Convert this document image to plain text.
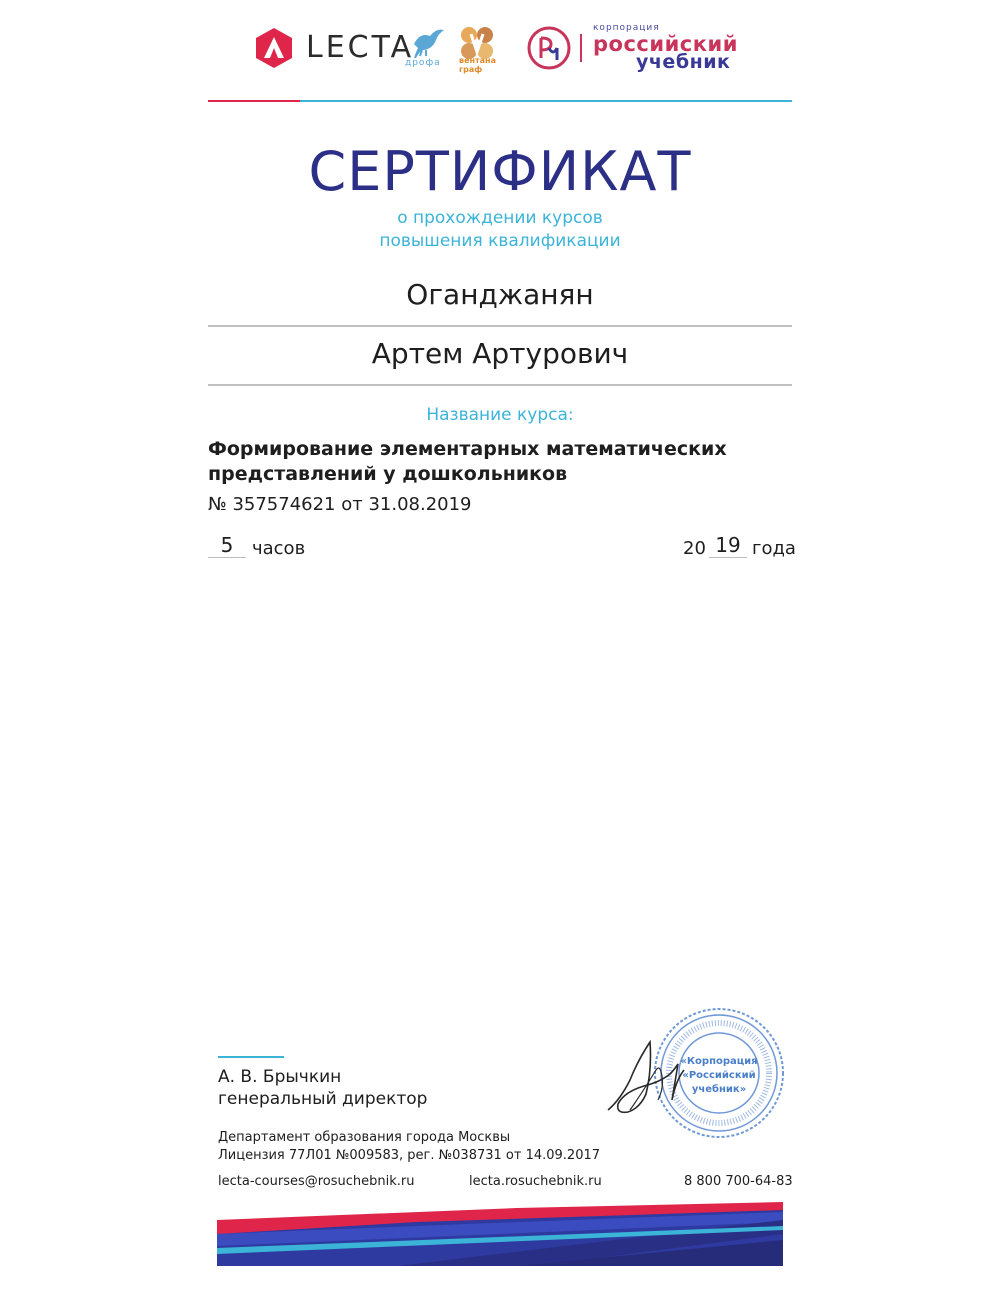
LECTA
дрофа вентана граф
корпорация
российский
учебник
СЕРТИФИКАТ
о прохождении курсов
повышения квалификации
Оганджанян
Артем Артурович
Название курса:
Формирование элементарных математических
представлений у дошкольников
№ 357574621 от 31.08.2019
5	часов	20 19 года
А. В. Брычкин
генеральный директор
Департамент образования города Москвы
Лицензия 77Л01 №009583, рег. №038731 от 14.09.2017
lecta-courses@rosuchebnik.ru	lecta.rosuchebnik.ru	8 800 700-64-83
«Корпорация
«Российский
учебник»
